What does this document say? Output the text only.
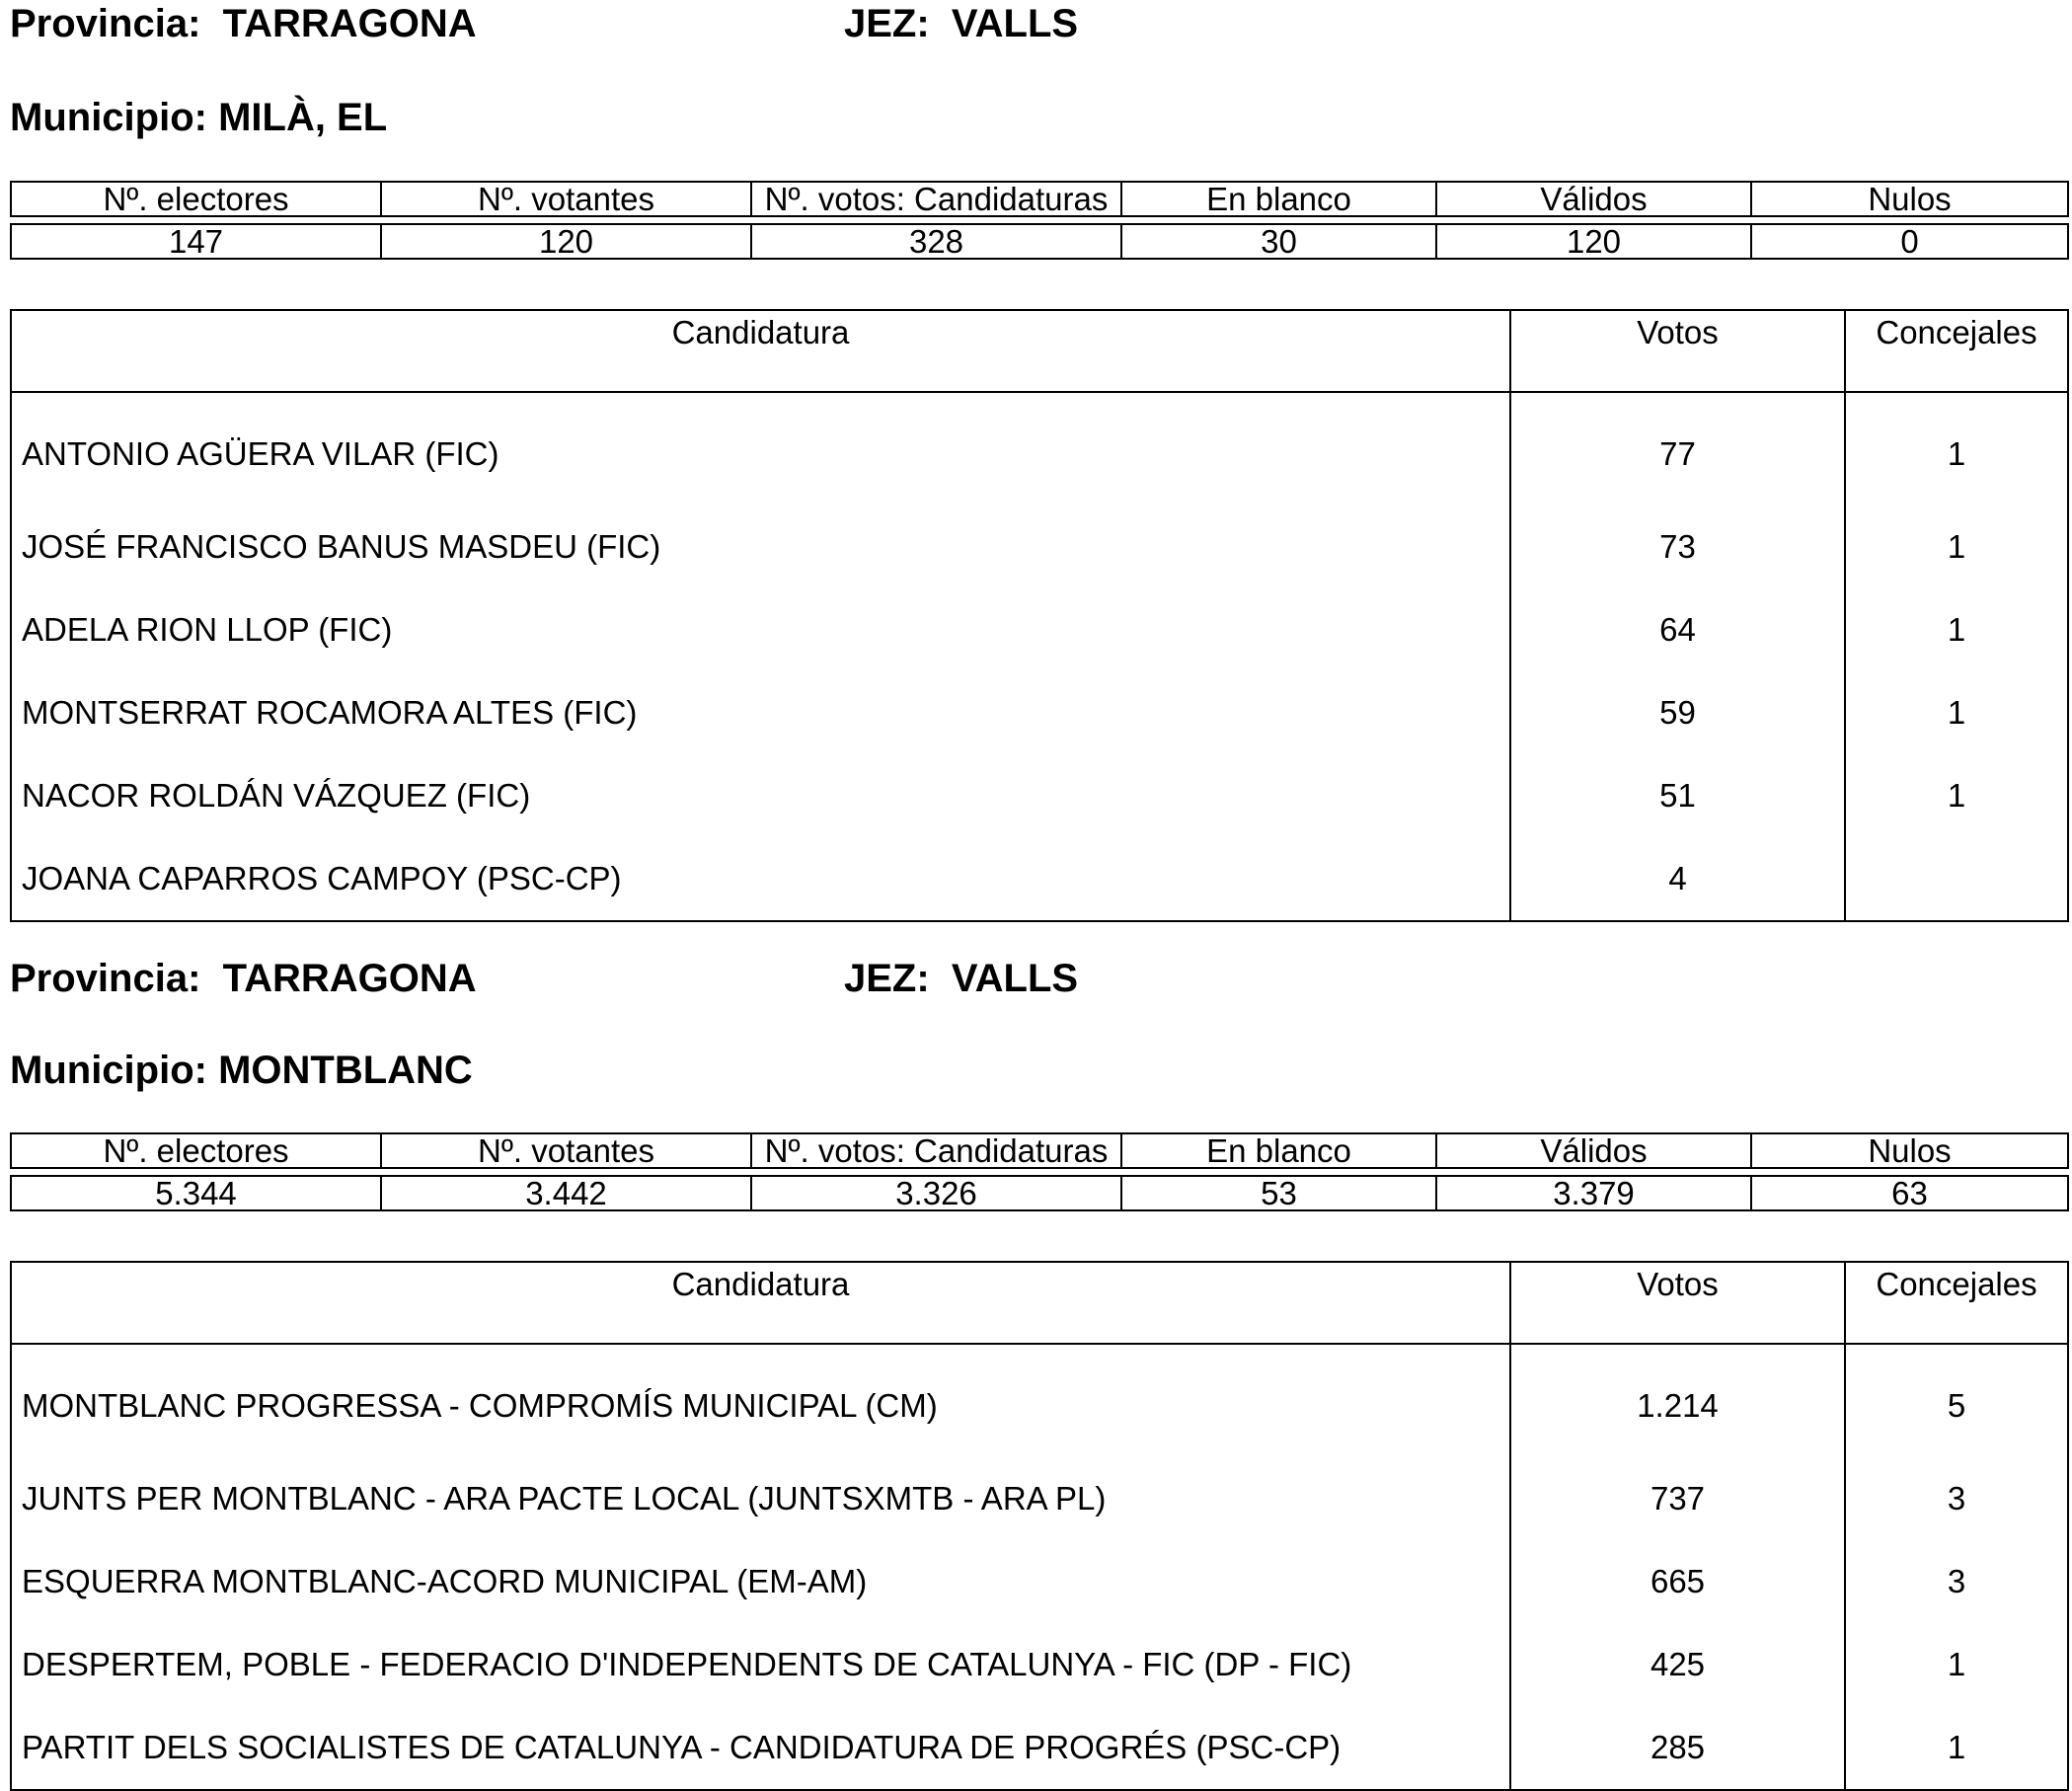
Provincia:  TARRAGONA	JEZ:  VALLS
Municipio: MILÀ, EL
Nº. electores	Nº. votantes	Nº. votos: Candidaturas	En blanco	Válidos	Nulos

147	120	328	30	120	0
Candidatura	Votos	Concejales
ANTONIO AGÜERA VILAR (FIC)	77	1
JOSÉ FRANCISCO BANUS MASDEU (FIC)	73	1
ADELA RION LLOP (FIC)	64	1
MONTSERRAT ROCAMORA ALTES (FIC)	59	1
NACOR ROLDÁN VÁZQUEZ (FIC)	51	1
JOANA CAPARROS CAMPOY (PSC-CP)	4	
Provincia:  TARRAGONA	JEZ:  VALLS
Municipio: MONTBLANC
Nº. electores	Nº. votantes	Nº. votos: Candidaturas	En blanco	Válidos	Nulos

5.344	3.442	3.326	53	3.379	63
Candidatura	Votos	Concejales
MONTBLANC PROGRESSA - COMPROMÍS MUNICIPAL (CM)	1.214	5
JUNTS PER MONTBLANC - ARA PACTE LOCAL (JUNTSXMTB - ARA PL)	737	3
ESQUERRA MONTBLANC-ACORD MUNICIPAL (EM-AM)	665	3
DESPERTEM, POBLE - FEDERACIO D'INDEPENDENTS DE CATALUNYA - FIC (DP - FIC)	425	1
PARTIT DELS SOCIALISTES DE CATALUNYA - CANDIDATURA DE PROGRÉS (PSC-CP)	285	1
